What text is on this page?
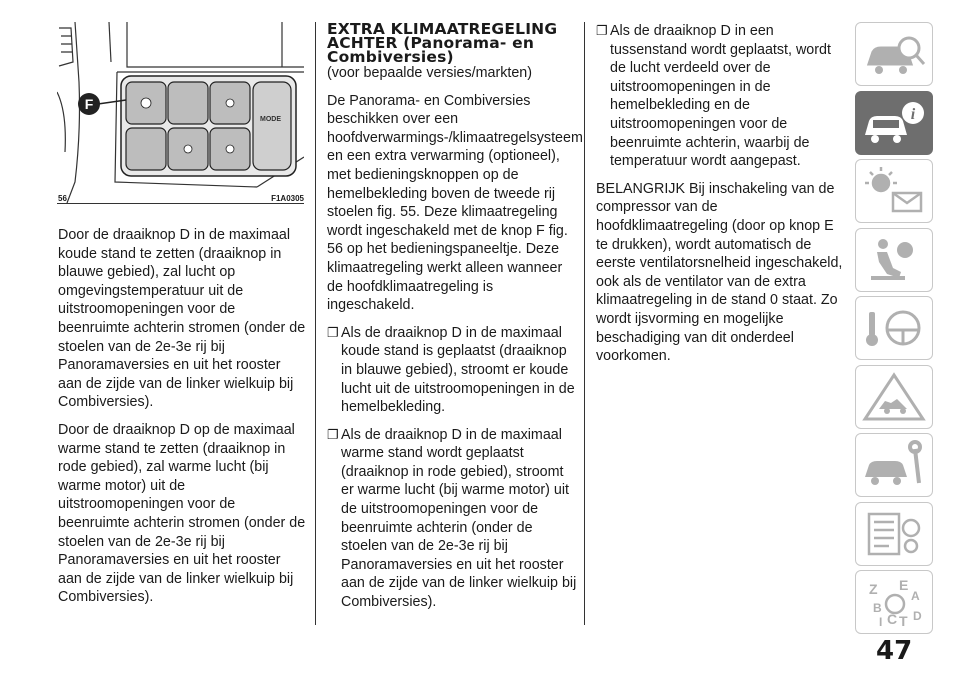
MODE
F
56	F1A0305

Door de draaiknop D in de maximaal koude stand te zetten (draaiknop in blauwe gebied), zal lucht op omgevingstemperatuur uit de uitstroomopeningen voor de beenruimte achterin stromen (onder de stoelen van de 2e-3e rij bij Panoramaversies en uit het rooster aan de zijde van de linker wielkuip bij Combiversies).

Door de draaiknop D op de maximaal warme stand te zetten (draaiknop in rode gebied), zal warme lucht (bij warme motor) uit de uitstroomopeningen voor de beenruimte achterin stromen (onder de stoelen van de 2e-3e rij bij Panoramaversies en uit het rooster aan de zijde van de linker wielkuip bij Combiversies).

EXTRA KLIMAATREGELING ACHTER (Panorama- en Combiversies)
(voor bepaalde versies/markten)

De Panorama- en Combiversies beschikken over een hoofdverwarmings-/klimaatregelsysteem en een extra verwarming (optioneel), met bedieningsknoppen op de hemelbekleding boven de tweede rij stoelen fig. 55. Deze klimaatregeling wordt ingeschakeld met de knop F fig. 56 op het bedieningspaneeltje. Deze klimaatregeling werkt alleen wanneer de hoofdklimaatregeling is ingeschakeld.

❐ Als de draaiknop D in de maximaal koude stand is geplaatst (draaiknop in blauwe gebied), stroomt er koude lucht uit de uitstroomopeningen in de hemelbekleding.
❐ Als de draaiknop D in de maximaal warme stand wordt geplaatst (draaiknop in rode gebied), stroomt er warme lucht (bij warme motor) uit de uitstroomopeningen voor de beenruimte achterin (onder de stoelen van de 2e-3e rij bij Panoramaversies en uit het rooster aan de zijde van de linker wielkuip bij Combiversies).
❐ Als de draaiknop D in een tussenstand wordt geplaatst, wordt de lucht verdeeld over de uitstroomopeningen in de hemelbekleding en de uitstroomopeningen voor de beenruimte achterin, waarbij de temperatuur wordt aangepast.

BELANGRIJK Bij inschakeling van de compressor van de hoofdklimaatregeling (door op knop E te drukken), wordt automatisch de eerste ventilatorsnelheid ingeschakeld, ook als de ventilator van de extra klimaatregeling in de stand 0 staat. Zo wordt ijsvorming en mogelijke beschadiging van dit onderdeel voorkomen.

i
Z E
A
B
I C T D
47
